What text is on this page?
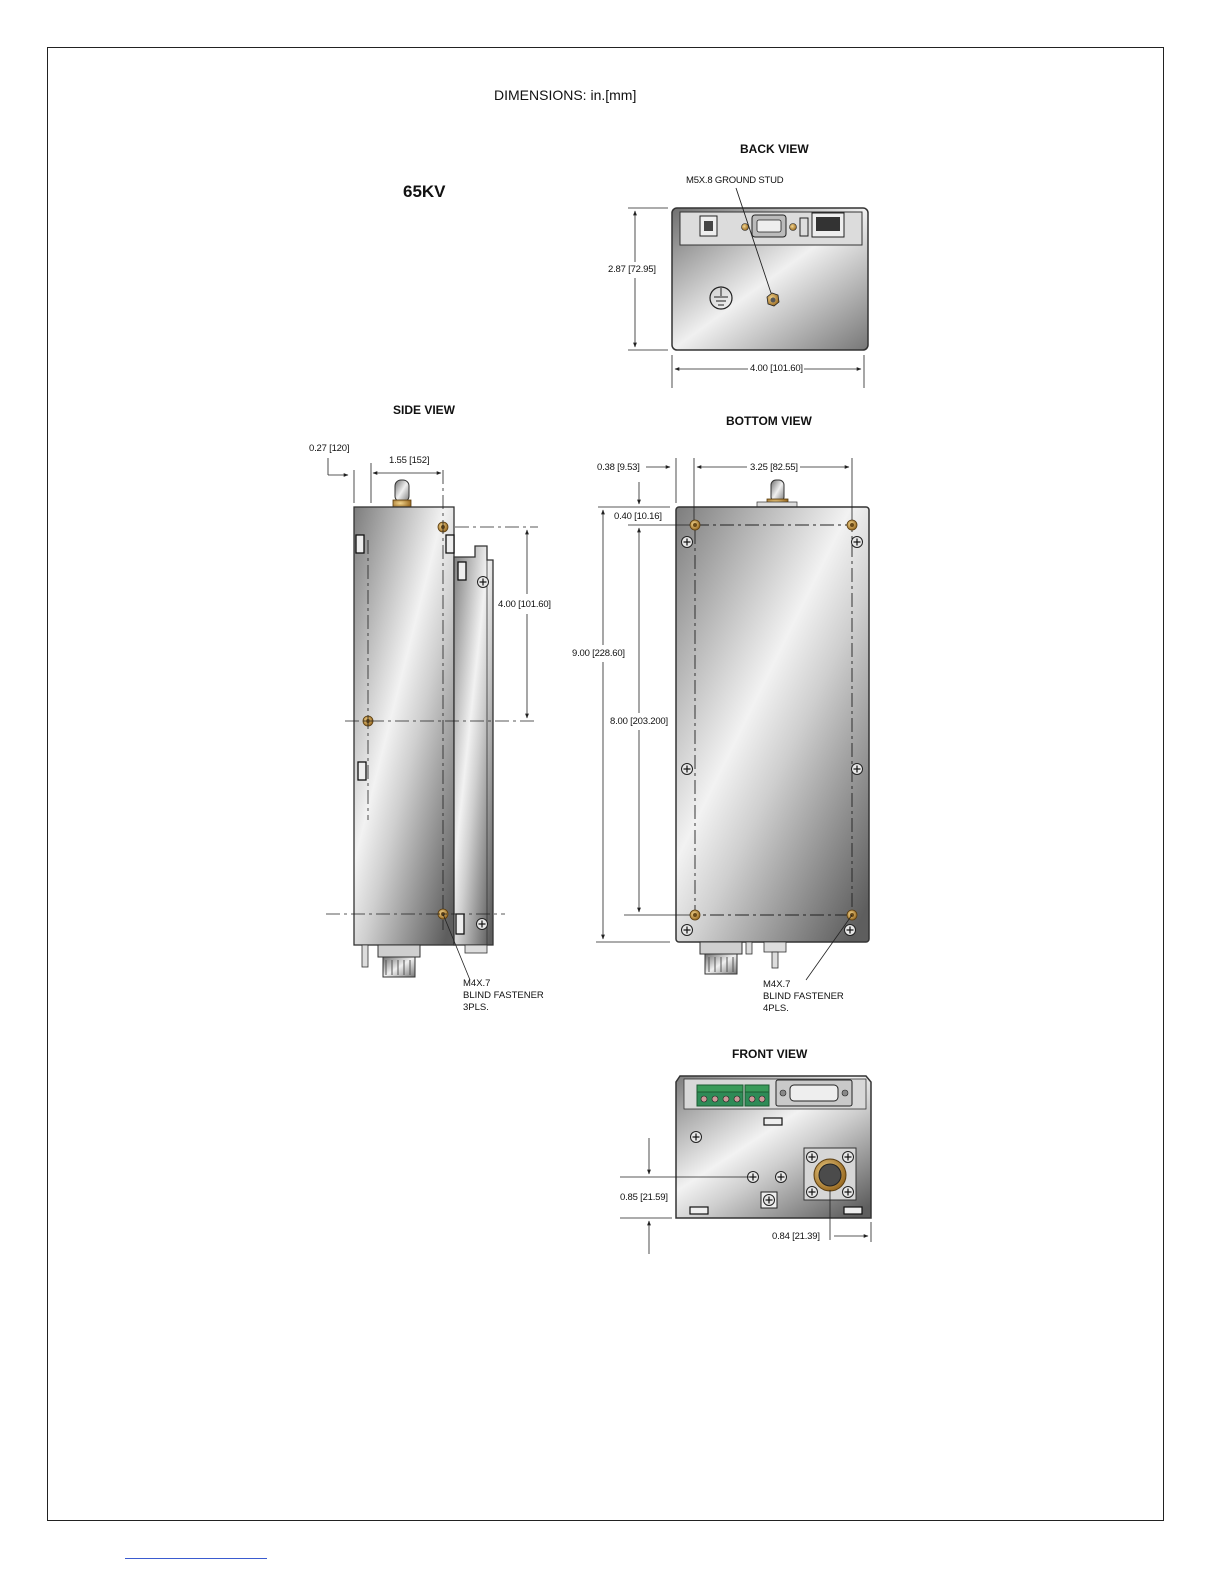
DIMENSIONS: in.[mm]
65KV
BACK VIEW
M5X.8 GROUND STUD
2.87 [72.95]
4.00 [101.60]
SIDE VIEW
0.27 [120]
1.55 [152]
4.00 [101.60]
M4X.7
BLIND FASTENER
3PLS.
BOTTOM VIEW
0.38 [9.53]	3.25 [82.55]
0.40 [10.16]
9.00 [228.60]
8.00 [203.200]
M4X.7
BLIND FASTENER
4PLS.
FRONT VIEW
0.85 [21.59]
0.84 [21.39]
